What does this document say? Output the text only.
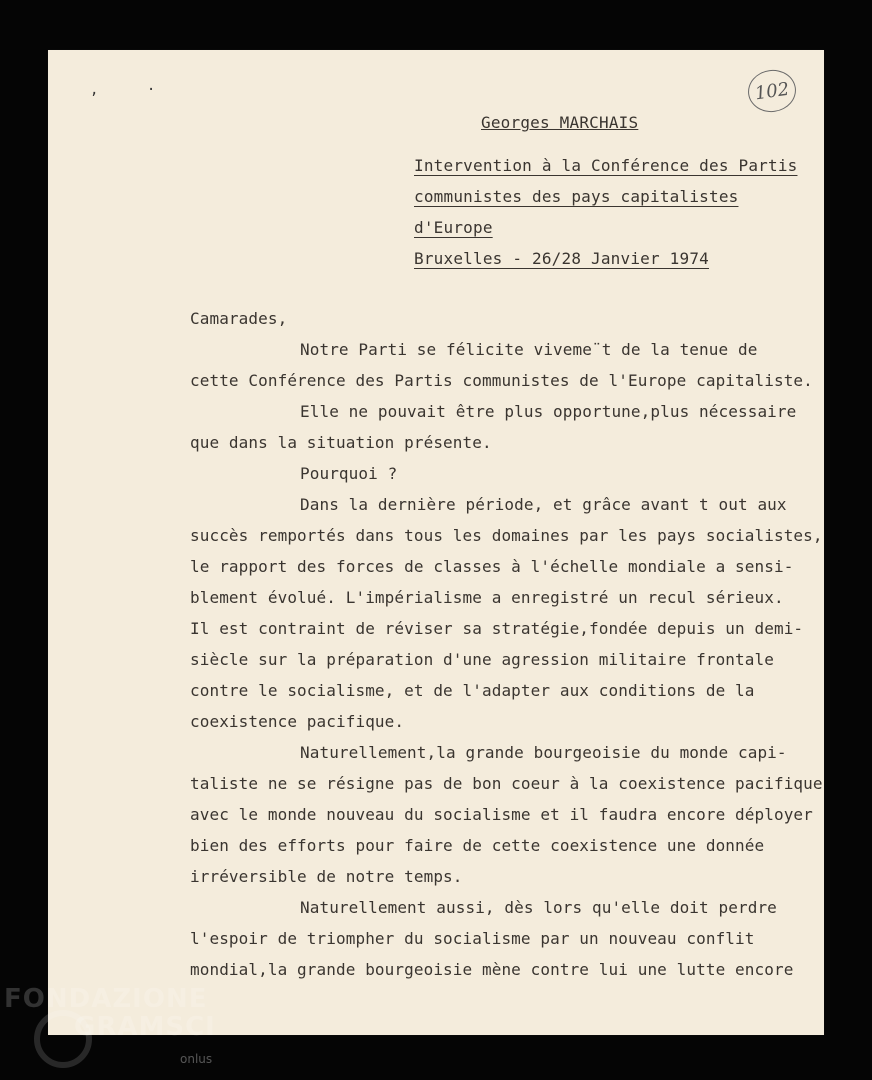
, ·	102
Georges MARCHAIS
Intervention à la Conférence des Partis
communistes des pays capitalistes
d'Europe
Bruxelles - 26/28 Janvier 1974
Camarades,
Notre Parti se félicite viveme¨t de la tenue de
cette Conférence des Partis communistes de l'Europe capitaliste.
Elle ne pouvait être plus opportune,plus nécessaire
que dans la situation présente.
Pourquoi ?
Dans la dernière période, et grâce avant t out aux
succès remportés dans tous les domaines par les pays socialistes,
le rapport des forces de classes à l'échelle mondiale a sensi-
blement évolué. L'impérialisme a enregistré un recul sérieux.
Il est contraint de réviser sa stratégie,fondée depuis un demi-
siècle sur la préparation d'une agression militaire frontale
contre le socialisme, et de l'adapter aux conditions de la
coexistence pacifique.
Naturellement,la grande bourgeoisie du monde capi-
taliste ne se résigne pas de bon coeur à la coexistence pacifique
avec le monde nouveau du socialisme et il faudra encore déployer
bien des efforts pour faire de cette coexistence une donnée
irréversible de notre temps.
Naturellement aussi, dès lors qu'elle doit perdre
l'espoir de triompher du socialisme par un nouveau conflit
mondial,la grande bourgeoisie mène contre lui une lutte encore
FONDAZIONE
GRAMSCI
onlus
